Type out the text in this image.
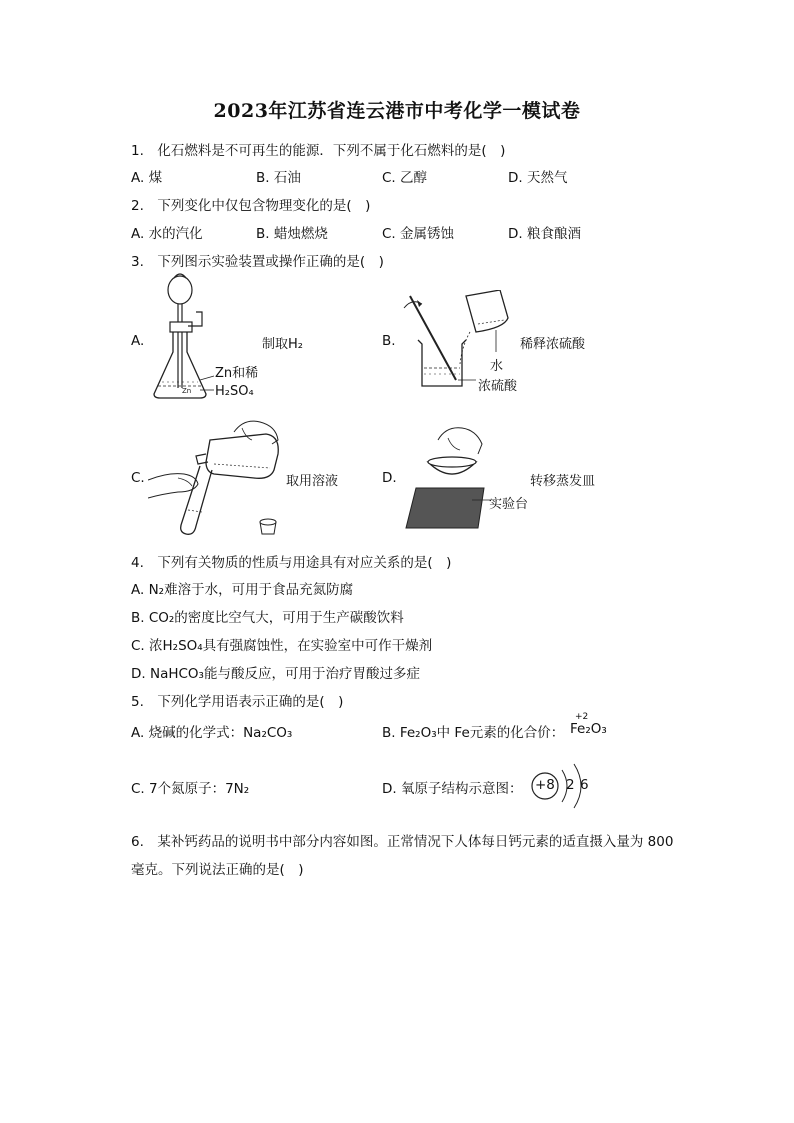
2023年江苏省连云港市中考化学一模试卷
1.　化石燃料是不可再生的能源．下列不属于化石燃料的是(　)
A. 煤	B. 石油	C. 乙醇	D. 天然气
2.　下列变化中仅包含物理变化的是(　)
A. 水的汽化	B. 蜡烛燃烧	C. 金属锈蚀	D. 粮食酿酒
3.　下列图示实验装置或操作正确的是(　)
A.
Zn
Zn和稀
H₂SO₄
制取H₂	B.	稀释浓硫酸
水
浓硫酸
C.	取用溶液	D.	转移蒸发皿
实验台
4.　下列有关物质的性质与用途具有对应关系的是(　)
A. N₂难溶于水，可用于食品充氮防腐
B. CO₂的密度比空气大，可用于生产碳酸饮料
C. 浓H₂SO₄具有强腐蚀性，在实验室中可作干燥剂
D. NaHCO₃能与酸反应，可用于治疗胃酸过多症
5.　下列化学用语表示正确的是(　)
A. 烧碱的化学式：Na₂CO₃	B. Fe₂O₃中 Fe元素的化合价：
+2
Fe₂O₃
C. 7个氮原子：7N₂	D. 氧原子结构示意图： +8 2 6
6.　某补钙药品的说明书中部分内容如图。正常情况下人体每日钙元素的适直摄入量为 800
毫克。下列说法正确的是(　)
